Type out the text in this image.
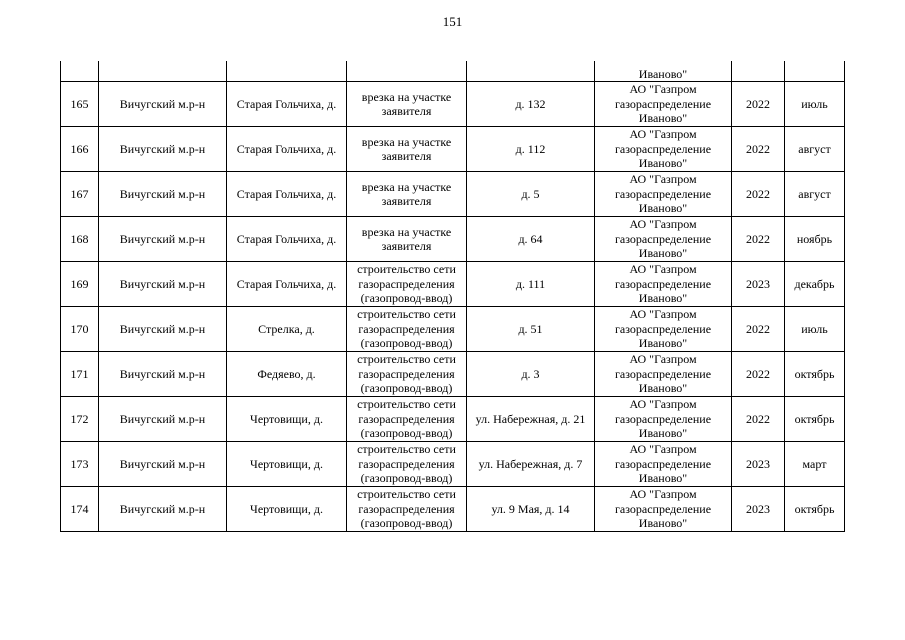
151
					Иваново"		
165	Вичугский м.р-н	Старая Гольчиха, д.	врезка на участке заявителя	д. 132	АО "Газпром газораспределение Иваново"	2022	июль
166	Вичугский м.р-н	Старая Гольчиха, д.	врезка на участке заявителя	д. 112	АО "Газпром газораспределение Иваново"	2022	август
167	Вичугский м.р-н	Старая Гольчиха, д.	врезка на участке заявителя	д. 5	АО "Газпром газораспределение Иваново"	2022	август
168	Вичугский м.р-н	Старая Гольчиха, д.	врезка на участке заявителя	д. 64	АО "Газпром газораспределение Иваново"	2022	ноябрь
169	Вичугский м.р-н	Старая Гольчиха, д.	строительство сети газораспределения (газопровод-ввод)	д. 111	АО "Газпром газораспределение Иваново"	2023	декабрь
170	Вичугский м.р-н	Стрелка, д.	строительство сети газораспределения (газопровод-ввод)	д. 51	АО "Газпром газораспределение Иваново"	2022	июль
171	Вичугский м.р-н	Федяево, д.	строительство сети газораспределения (газопровод-ввод)	д. 3	АО "Газпром газораспределение Иваново"	2022	октябрь
172	Вичугский м.р-н	Чертовищи, д.	строительство сети газораспределения (газопровод-ввод)	ул. Набережная, д. 21	АО "Газпром газораспределение Иваново"	2022	октябрь
173	Вичугский м.р-н	Чертовищи, д.	строительство сети газораспределения (газопровод-ввод)	ул. Набережная, д. 7	АО "Газпром газораспределение Иваново"	2023	март
174	Вичугский м.р-н	Чертовищи, д.	строительство сети газораспределения (газопровод-ввод)	ул. 9 Мая, д. 14	АО "Газпром газораспределение Иваново"	2023	октябрь
